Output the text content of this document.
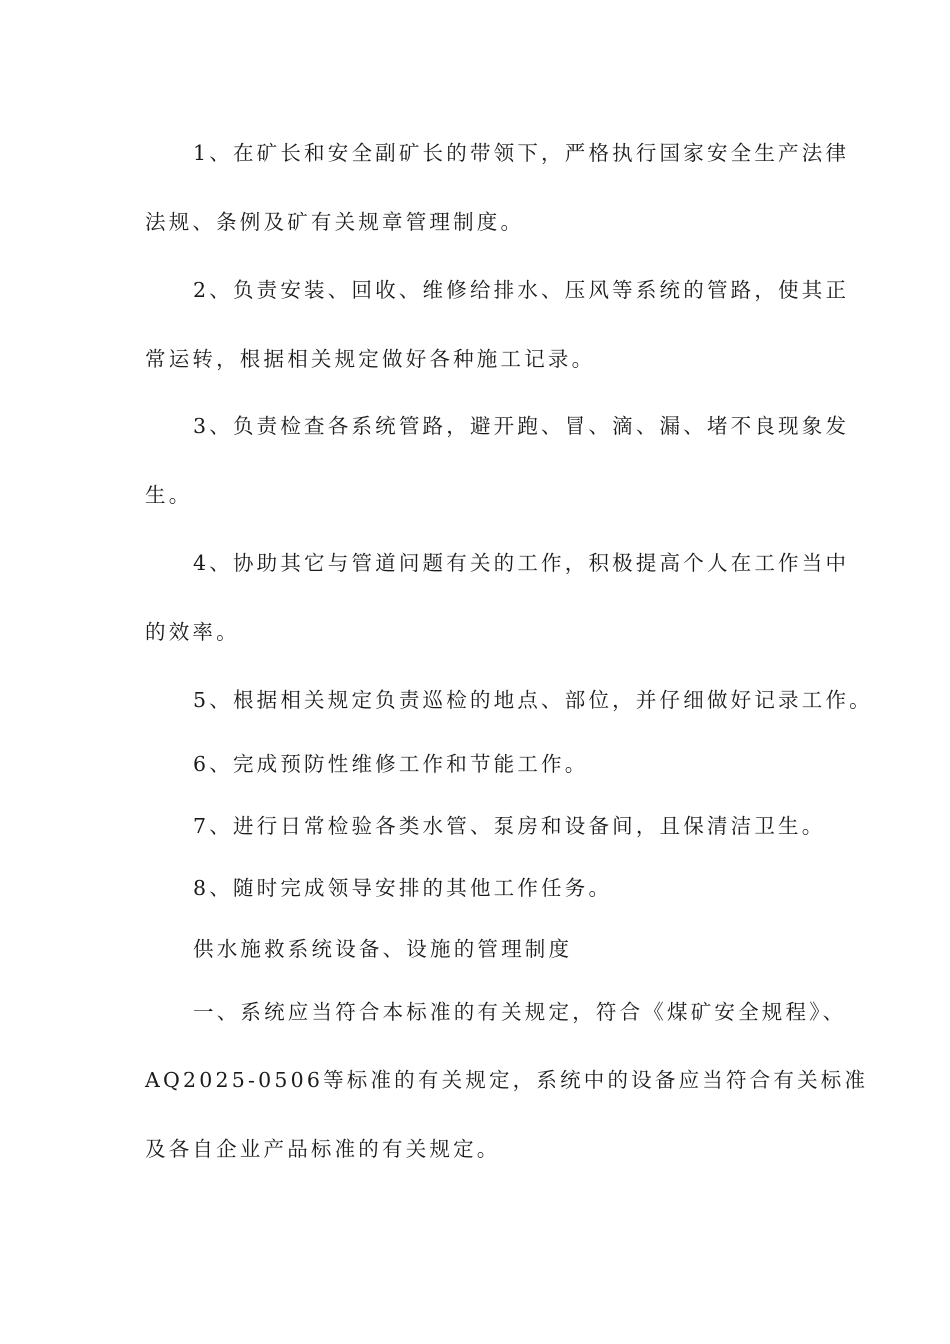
1、在矿长和安全副矿长的带领下，严格执行国家安全生产法律
法规、条例及矿有关规章管理制度。
2、负责安装、回收、维修给排水、压风等系统的管路，使其正
常运转，根据相关规定做好各种施工记录。
3、负责检查各系统管路，避开跑、冒、滴、漏、堵不良现象发
生。
4、协助其它与管道问题有关的工作，积极提高个人在工作当中
的效率。
5、根据相关规定负责巡检的地点、部位，并仔细做好记录工作。
6、完成预防性维修工作和节能工作。
7、进行日常检验各类水管、泵房和设备间，且保清洁卫生。
8、随时完成领导安排的其他工作任务。
供水施救系统设备、设施的管理制度
一、系统应当符合本标准的有关规定，符合《煤矿安全规程》、
AQ2025-0506等标准的有关规定，系统中的设备应当符合有关标准
及各自企业产品标准的有关规定。
